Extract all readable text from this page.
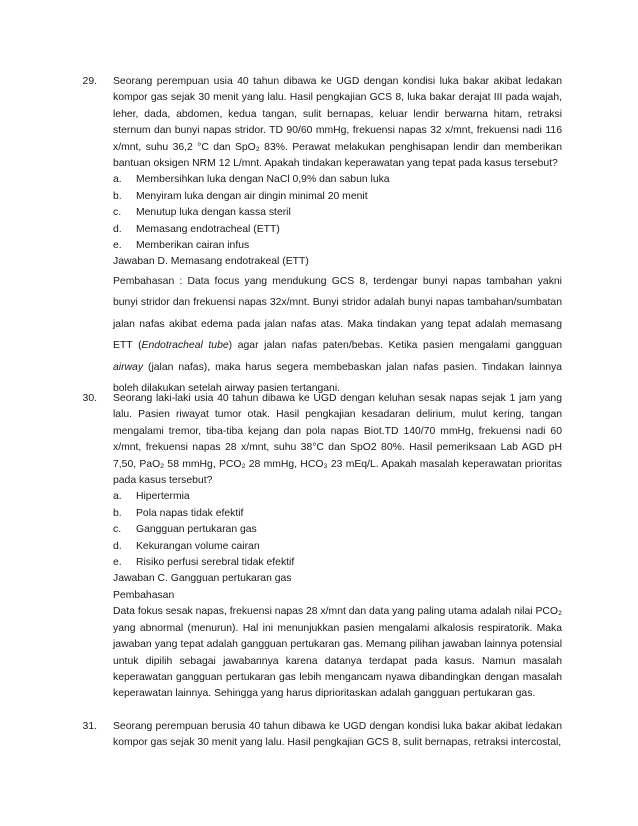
29. Seorang perempuan usia 40 tahun dibawa ke UGD dengan kondisi luka bakar akibat ledakan kompor gas sejak 30 menit yang lalu. Hasil pengkajian GCS 8, luka bakar derajat III pada wajah, leher, dada, abdomen, kedua tangan, sulit bernapas, keluar lendir berwarna hitam, retraksi sternum dan bunyi napas stridor. TD 90/60 mmHg, frekuensi napas 32 x/mnt, frekuensi nadi 116 x/mnt, suhu 36,2 °C dan SpO₂ 83%. Perawat melakukan penghisapan lendir dan memberikan bantuan oksigen NRM 12 L/mnt. Apakah tindakan keperawatan yang tepat pada kasus tersebut?
a. Membersihkan luka dengan NaCl 0,9% dan sabun luka
b. Menyiram luka dengan air dingin minimal 20 menit
c. Menutup luka dengan kassa steril
d. Memasang endotracheal (ETT)
e. Memberikan cairan infus
Jawaban D. Memasang endotrakeal (ETT)
Pembahasan : Data focus yang mendukung GCS 8, terdengar bunyi napas tambahan yakni bunyi stridor dan frekuensi napas 32x/mnt. Bunyi stridor adalah bunyi napas tambahan/sumbatan jalan nafas akibat edema pada jalan nafas atas. Maka tindakan yang tepat adalah memasang ETT (Endotracheal tube) agar jalan nafas paten/bebas. Ketika pasien mengalami gangguan airway (jalan nafas), maka harus segera membebaskan jalan nafas pasien. Tindakan lainnya boleh dilakukan setelah airway pasien tertangani.
30. Seorang laki-laki usia 40 tahun dibawa ke UGD dengan keluhan sesak napas sejak 1 jam yang lalu. Pasien riwayat tumor otak. Hasil pengkajian kesadaran delirium, mulut kering, tangan mengalami tremor, tiba-tiba kejang dan pola napas Biot.TD 140/70 mmHg, frekuensi nadi 60 x/mnt, frekuensi napas 28 x/mnt, suhu 38°C dan SpO2 80%. Hasil pemeriksaan Lab AGD pH 7,50, PaO₂ 58 mmHg, PCO₂ 28 mmHg, HCO₃ 23 mEq/L. Apakah masalah keperawatan prioritas pada kasus tersebut?
a. Hipertermia
b. Pola napas tidak efektif
c. Gangguan pertukaran gas
d. Kekurangan volume cairan
e. Risiko perfusi serebral tidak efektif
Jawaban C. Gangguan pertukaran gas
Pembahasan
Data fokus sesak napas, frekuensi napas 28 x/mnt dan data yang paling utama adalah nilai PCO₂ yang abnormal (menurun). Hal ini menunjukkan pasien mengalami alkalosis respiratorik. Maka jawaban yang tepat adalah gangguan pertukaran gas. Memang pilihan jawaban lainnya potensial untuk dipilih sebagai jawabannya karena datanya terdapat pada kasus. Namun masalah keperawatan gangguan pertukaran gas lebih mengancam nyawa dibandingkan dengan masalah keperawatan lainnya. Sehingga yang harus diprioritaskan adalah gangguan pertukaran gas.
31. Seorang perempuan berusia 40 tahun dibawa ke UGD dengan kondisi luka bakar akibat ledakan kompor gas sejak 30 menit yang lalu. Hasil pengkajian GCS 8, sulit bernapas, retraksi intercostal,
